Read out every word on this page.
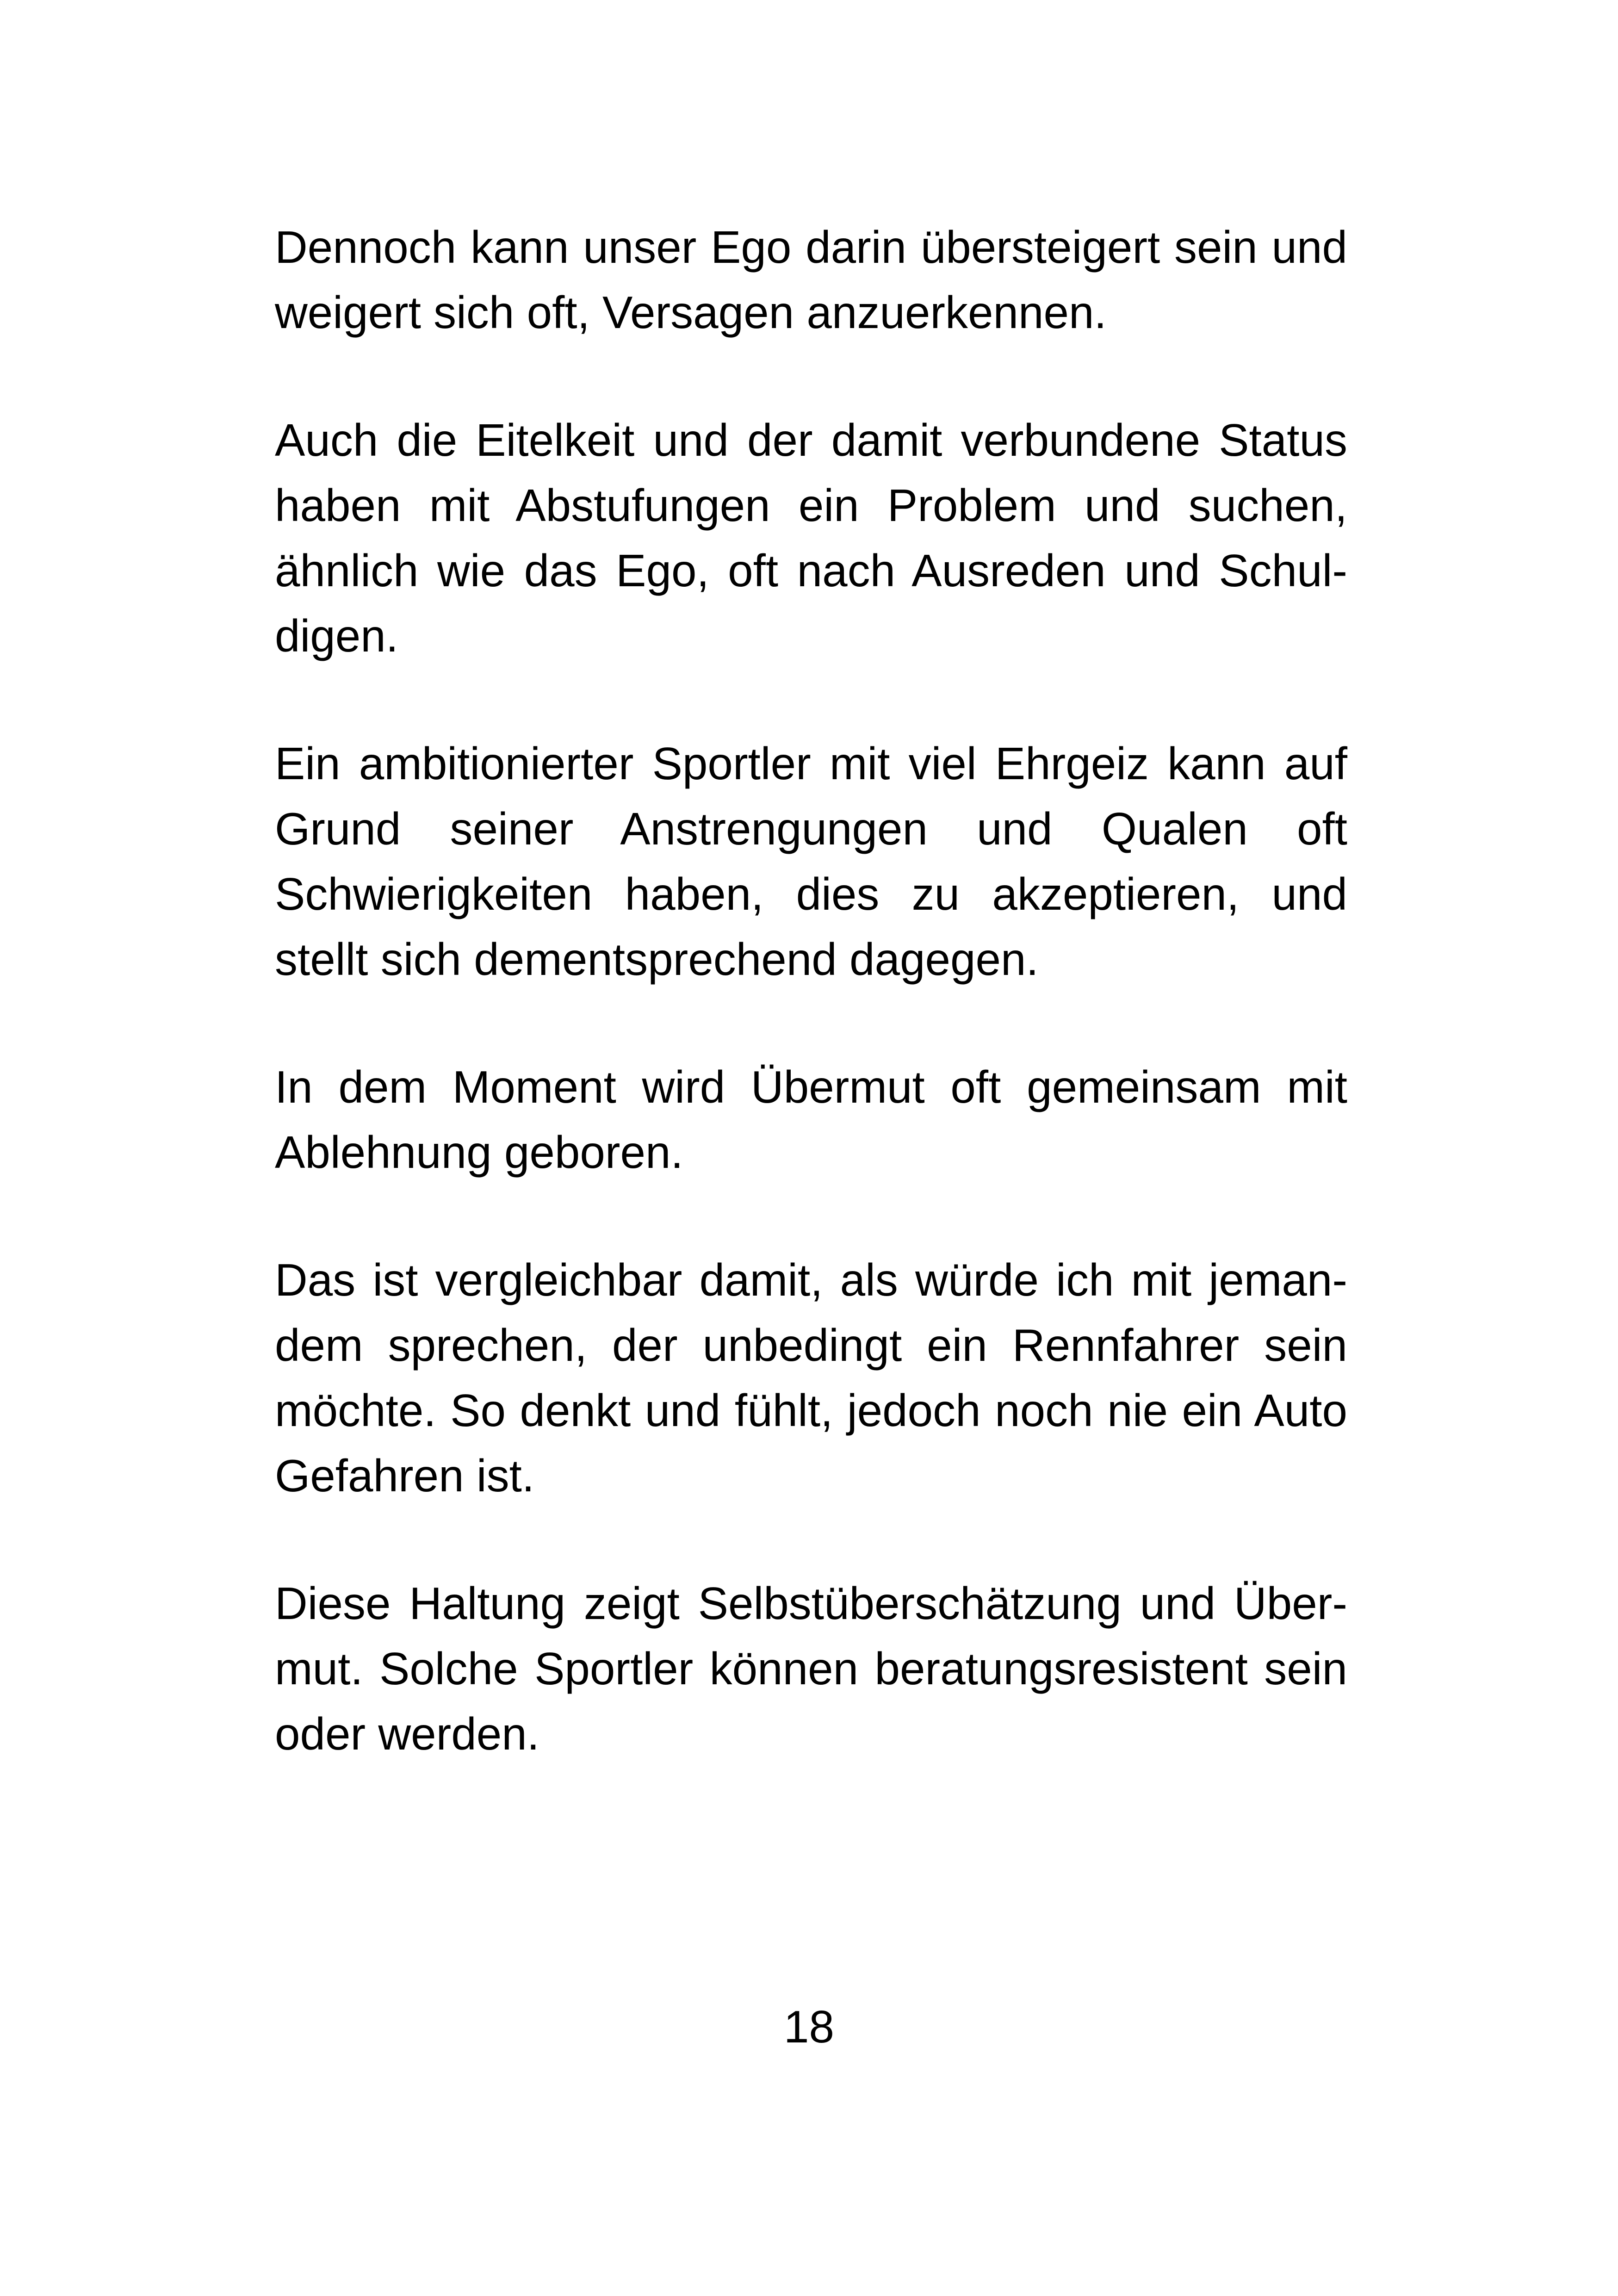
Dennoch kann unser Ego darin übersteigert sein und weigert sich oft, Versagen anzuerkennen.

Auch die Eitelkeit und der damit verbundene Status haben mit Abstufungen ein Problem und suchen, ähnlich wie das Ego, oft nach Ausreden und Schuldigen.

Ein ambitionierter Sportler mit viel Ehrgeiz kann auf Grund seiner Anstrengungen und Qualen oft Schwierigkeiten haben, dies zu akzeptieren, und stellt sich dementsprechend dagegen.

In dem Moment wird Übermut oft gemeinsam mit Ablehnung geboren.

Das ist vergleichbar damit, als würde ich mit jemandem sprechen, der unbedingt ein Rennfahrer sein möchte. So denkt und fühlt, jedoch noch nie ein Auto Gefahren ist.

Diese Haltung zeigt Selbstüberschätzung und Übermut. Solche Sportler können beratungsresistent sein oder werden.

18
